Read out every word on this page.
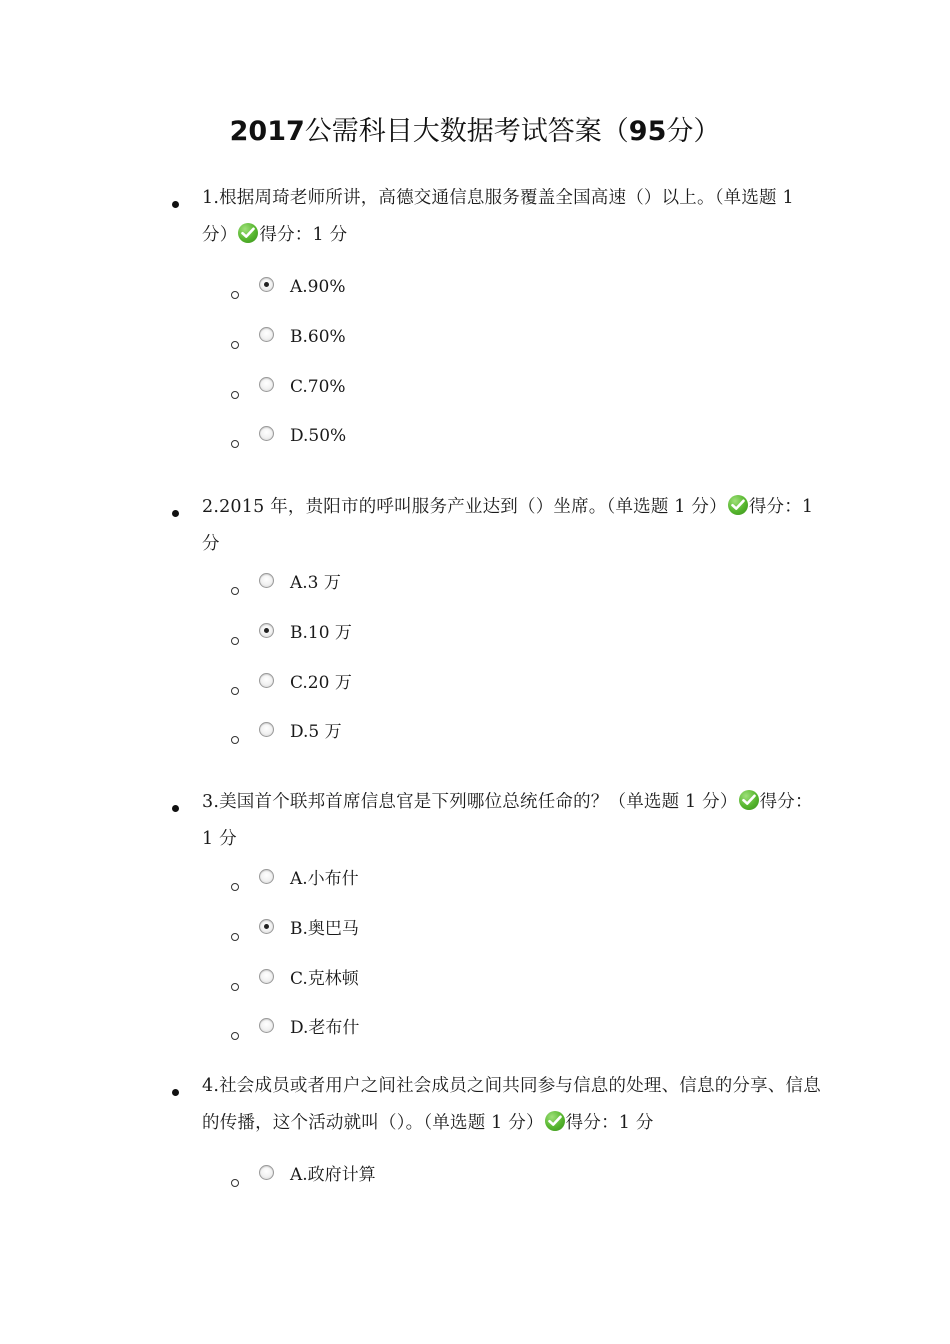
2017公需科目大数据考试答案（95分）
1.根据周琦老师所讲，高德交通信息服务覆盖全国高速（）以上。（单选题 1 分） 得分：1 分
A.90%
B.60%
C.70%
D.50%
2.2015 年，贵阳市的呼叫服务产业达到（）坐席。（单选题 1 分） 得分：1 分
A.3 万
B.10 万
C.20 万
D.5 万
3.美国首个联邦首席信息官是下列哪位总统任命的？（单选题 1 分） 得分：1 分
A.小布什
B.奥巴马
C.克林顿
D.老布什
4.社会成员或者用户之间社会成员之间共同参与信息的处理、信息的分享、信息的传播，这个活动就叫（）。（单选题 1 分） 得分：1 分
A.政府计算
